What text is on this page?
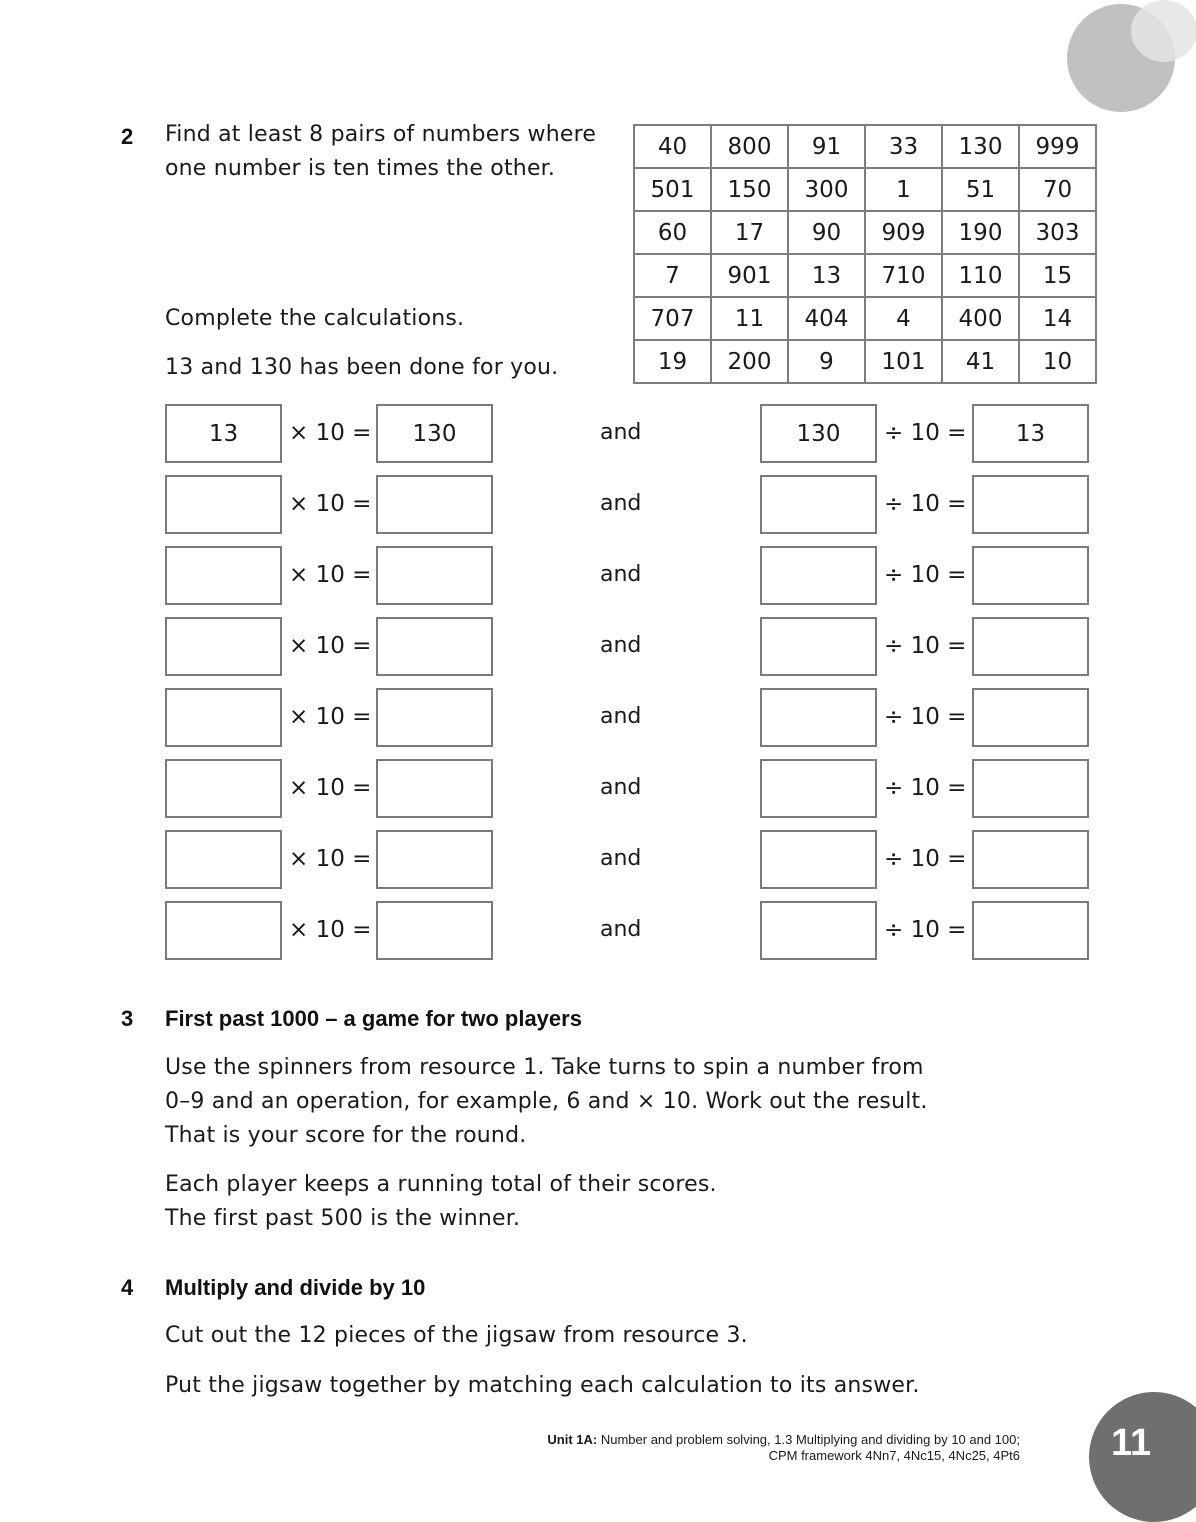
2 Find at least 8 pairs of numbers where
one number is ten times the other.
Complete the calculations.
13 and 130 has been done for you.
40	800	91	33	130	999
501	150	300	1	51	70
60	17	90	909	190	303
7	901	13	710	110	15
707	11	404	4	400	14
19	200	9	101	41	10
13	× 10 =	130	and	130	÷ 10 =	13
× 10 =	and	÷ 10 =
× 10 =	and	÷ 10 =
× 10 =	and	÷ 10 =
× 10 =	and	÷ 10 =
× 10 =	and	÷ 10 =
× 10 =	and	÷ 10 =
× 10 =	and	÷ 10 =
3 First past 1000 – a game for two players
Use the spinners from resource 1. Take turns to spin a number from
0–9 and an operation, for example, 6 and × 10. Work out the result.
That is your score for the round.
Each player keeps a running total of their scores.
The first past 500 is the winner.
4 Multiply and divide by 10
Cut out the 12 pieces of the jigsaw from resource 3.
Put the jigsaw together by matching each calculation to its answer.
Unit 1A: Number and problem solving, 1.3 Multiplying and dividing by 10 and 100;
CPM framework 4Nn7, 4Nc15, 4Nc25, 4Pt6 11
